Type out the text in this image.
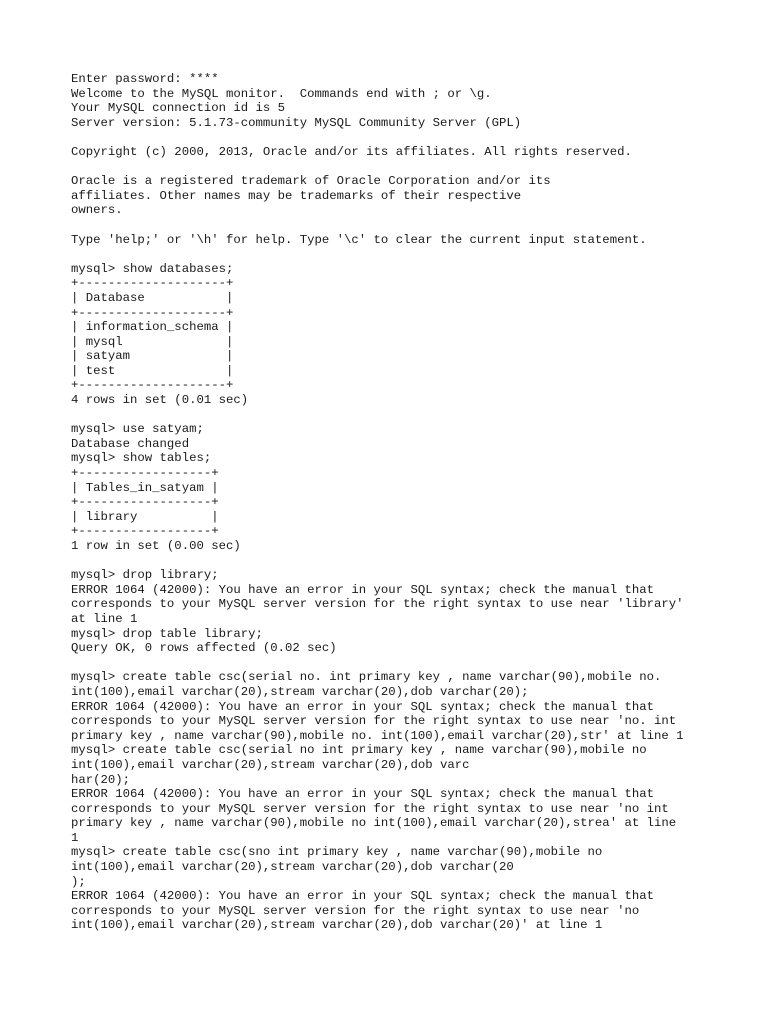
Enter password: ****
Welcome to the MySQL monitor.  Commands end with ; or \g.
Your MySQL connection id is 5
Server version: 5.1.73-community MySQL Community Server (GPL)
Copyright (c) 2000, 2013, Oracle and/or its affiliates. All rights reserved.
Oracle is a registered trademark of Oracle Corporation and/or its
affiliates. Other names may be trademarks of their respective
owners.
Type 'help;' or '\h' for help. Type '\c' to clear the current input statement.
mysql> show databases;
+--------------------+
| Database           |
+--------------------+
| information_schema |
| mysql              |
| satyam             |
| test               |
+--------------------+
4 rows in set (0.01 sec)
mysql> use satyam;
Database changed
mysql> show tables;
+------------------+
| Tables_in_satyam |
+------------------+
| library          |
+------------------+
1 row in set (0.00 sec)
mysql> drop library;
ERROR 1064 (42000): You have an error in your SQL syntax; check the manual that
corresponds to your MySQL server version for the right syntax to use near 'library'
at line 1
mysql> drop table library;
Query OK, 0 rows affected (0.02 sec)
mysql> create table csc(serial no. int primary key , name varchar(90),mobile no.
int(100),email varchar(20),stream varchar(20),dob varchar(20);
ERROR 1064 (42000): You have an error in your SQL syntax; check the manual that
corresponds to your MySQL server version for the right syntax to use near 'no. int
primary key , name varchar(90),mobile no. int(100),email varchar(20),str' at line 1
mysql> create table csc(serial no int primary key , name varchar(90),mobile no
int(100),email varchar(20),stream varchar(20),dob varc
har(20);
ERROR 1064 (42000): You have an error in your SQL syntax; check the manual that
corresponds to your MySQL server version for the right syntax to use near 'no int
primary key , name varchar(90),mobile no int(100),email varchar(20),strea' at line
1
mysql> create table csc(sno int primary key , name varchar(90),mobile no
int(100),email varchar(20),stream varchar(20),dob varchar(20
);
ERROR 1064 (42000): You have an error in your SQL syntax; check the manual that
corresponds to your MySQL server version for the right syntax to use near 'no
int(100),email varchar(20),stream varchar(20),dob varchar(20)' at line 1
